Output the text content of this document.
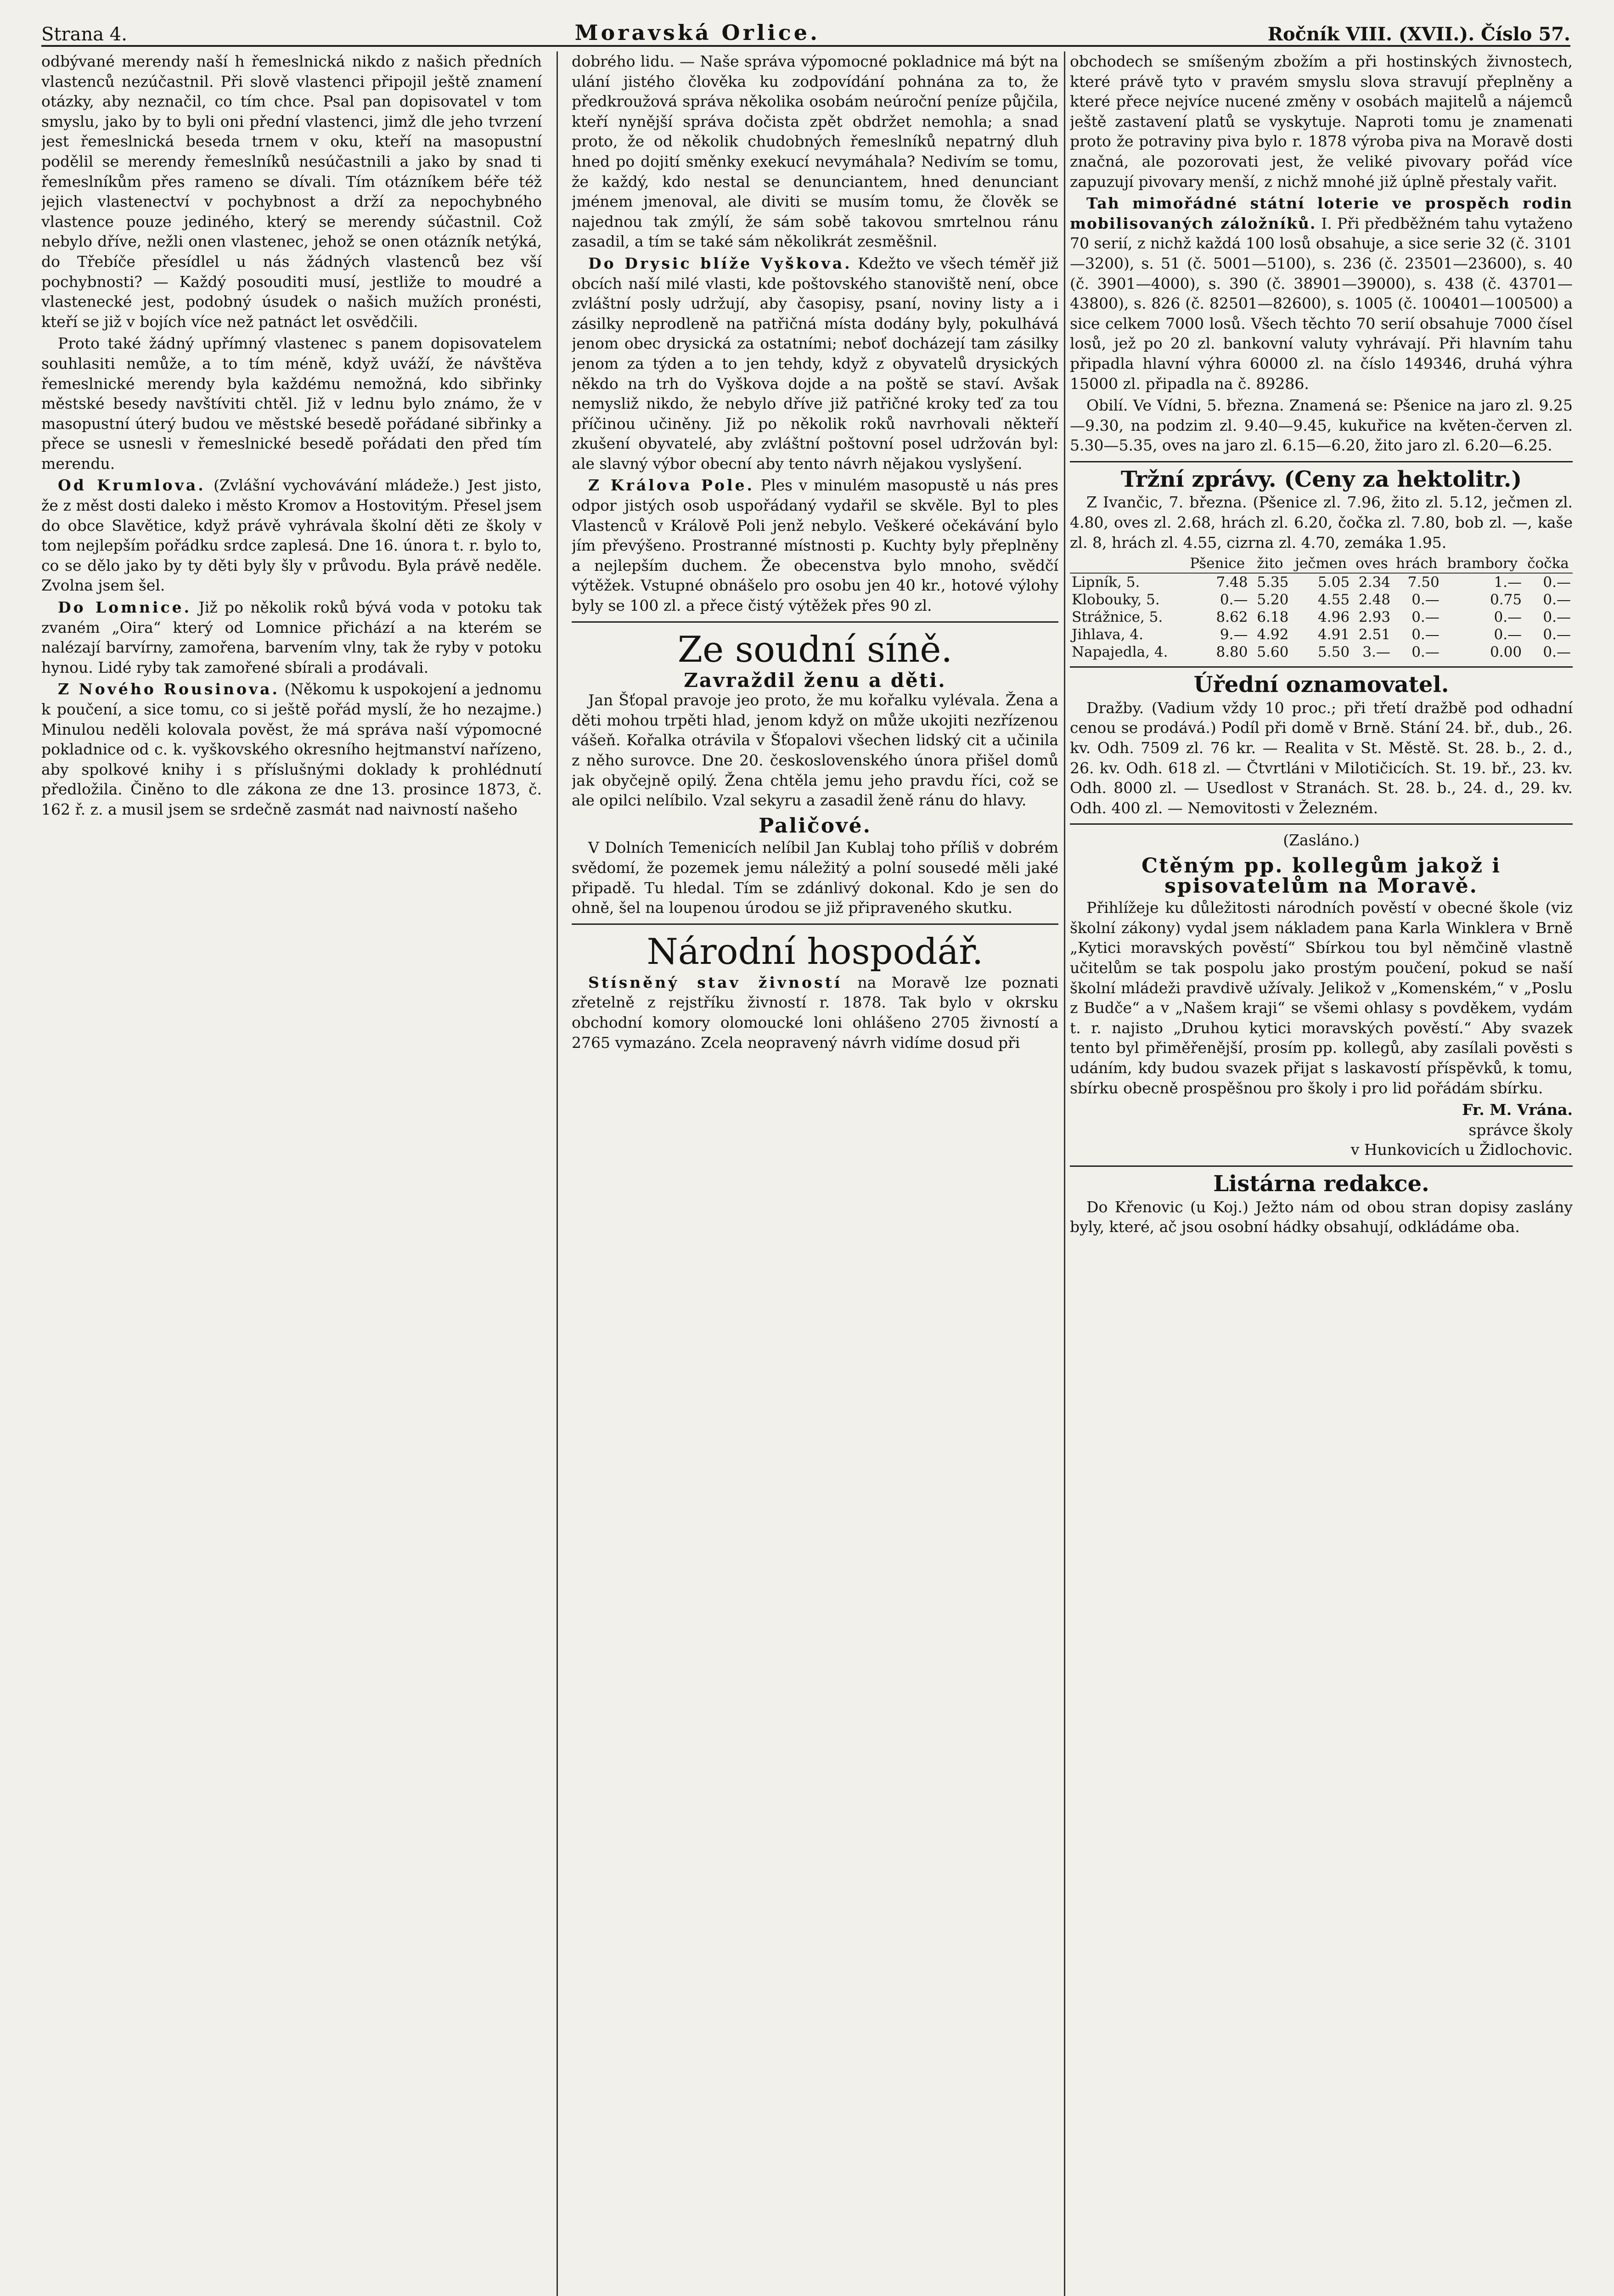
Strana 4.	Moravská Orlice.	Ročník VIII. (XVII.). Číslo 57.

odbývané merendy naší h řemeslnická nikdo z našich předních vlastenců nezúčastnil. Při slově vlastenci připojil ještě znamení otázky, aby neznačil, co tím chce. Psal pan dopisovatel v tom smyslu, jako by to byli oni přední vlastenci, jimž dle jeho tvrzení jest řemeslnická beseda trnem v oku, kteří na masopustní podělil se merendy řemeslníků nesúčastnili a jako by snad ti řemeslníkům přes rameno se dívali. Tím otázníkem béře též jejich vlastenectví v pochybnost a drží za nepochybného vlastence pouze jediného, který se merendy súčastnil. Což nebylo dříve, nežli onen vlastenec, jehož se onen otázník netýká, do Třebíče přesídlel u nás žádných vlastenců bez vší pochybnosti? — Každý posouditi musí, jestliže to moudré a vlastenecké jest, podobný úsudek o našich mužích pronésti, kteří se již v bojích více než patnáct let osvědčili.

Proto také žádný upřímný vlastenec s panem dopisovatelem souhlasiti nemůže, a to tím méně, když uváží, že návštěva řemeslnické merendy byla každému nemožná, kdo sibřinky městské besedy navštíviti chtěl. Již v lednu bylo známo, že v masopustní úterý budou ve městské besedě pořádané sibřinky a přece se usnesli v řemeslnické besedě pořádati den před tím merendu.

Od Krumlova. (Zvlášní vychovávání mládeže.) Jest jisto, že z měst dosti daleko i město Kromov a Hostovitým. Přesel jsem do obce Slavětice, když právě vyhrávala školní děti ze školy v tom nejlepším pořádku srdce zaplesá. Dne 16. února t. r. bylo to, co se dělo jako by ty děti byly šly v průvodu. Byla právě neděle. Zvolna jsem šel.

Do Lomnice. Již po několik roků bývá voda v potoku tak zvaném „Oira“ který od Lomnice přichází a na kterém se nalézají barvírny, zamořena, barvením vlny, tak že ryby v potoku hynou. Lidé ryby tak zamořené sbírali a prodávali.

Z Nového Rousinova. (Někomu k uspokojení a jednomu k poučení, a sice tomu, co si ještě pořád myslí, že ho nezajme.) Minulou neděli kolovala pověst, že má správa naší výpomocné pokladnice od c. k. vyškovského okresního hejtmanství nařízeno, aby spolkové knihy i s příslušnými doklady k prohlédnutí předložila. Činěno to dle zákona ze dne 13. prosince 1873, č. 162 ř. z. a musil jsem se srdečně zasmát nad naivností našeho

dobrého lidu. — Naše správa výpomocné pokladnice má být na ulání jistého člověka ku zodpovídání pohnána za to, že předkroužová správa několika osobám neúroční peníze půjčila, kteří nynější správa dočista zpět obdržet nemohla; a snad proto, že od několik chudobných řemeslníků nepatrný dluh hned po dojití směnky exekucí nevymáhala? Nedivím se tomu, že každý, kdo nestal se denunciantem, hned denunciant jménem jmenoval, ale diviti se musím tomu, že člověk se najednou tak zmýlí, že sám sobě takovou smrtelnou ránu zasadil, a tím se také sám několikrát zesměšnil.

Do Drysic blíže Vyškova. Kdežto ve všech téměř již obcích naší milé vlasti, kde poštovského stanoviště není, obce zvláštní posly udržují, aby časopisy, psaní, noviny listy a i zásilky neprodleně na patřičná místa dodány byly, pokulhává jenom obec drysická za ostatními; neboť docházejí tam zásilky jenom za týden a to jen tehdy, když z obyvatelů drysických někdo na trh do Vyškova dojde a na poště se staví. Avšak nemysliž nikdo, že nebylo dříve již patřičné kroky teď za tou příčinou učiněny. Již po několik roků navrhovali někteří zkušení obyvatelé, aby zvláštní poštovní posel udržován byl: ale slavný výbor obecní aby tento návrh nějakou vyslyšení.

Z Králova Pole. Ples v minulém masopustě u nás pres odpor jistých osob uspořádaný vydařil se skvěle. Byl to ples Vlastenců v Králově Poli jenž nebylo. Veškeré očekávání bylo jím převýšeno. Prostranné místnosti p. Kuchty byly přeplněny a nejlepším duchem. Že obecenstva bylo mnoho, svědčí výtěžek. Vstupné obnášelo pro osobu jen 40 kr., hotové výlohy byly se 100 zl. a přece čistý výtěžek přes 90 zl.

Ze soudní síně.
Zavraždil ženu a děti.

Jan Šťopal pravoje jeo proto, že mu kořalku vylévala. Žena a děti mohou trpěti hlad, jenom když on může ukojiti nezřízenou vášeň. Kořalka otrávila v Šťopalovi všechen lidský cit a učinila z něho surovce. Dne 20. československého února přišel domů jak obyčejně opilý. Žena chtěla jemu jeho pravdu říci, což se ale opilci nelíbilo. Vzal sekyru a zasadil ženě ránu do hlavy.

Paličové.

V Dolních Temenicích nelíbil Jan Kublaj toho příliš v dobrém svědomí, že pozemek jemu náležitý a polní sousedé měli jaké připadě. Tu hledal. Tím se zdánlivý dokonal. Kdo je sen do ohně, šel na loupenou úrodou se již připraveného skutku.

Národní hospodář.

Stísněný stav živností na Moravě lze poznati zřetelně z rejstříku živností r. 1878. Tak bylo v okrsku obchodní komory olomoucké loni ohlášeno 2705 živností a 2765 vymazáno. Zcela neopravený návrh vidíme dosud při

obchodech se smíšeným zbožím a při hostinských živnostech, které právě tyto v pravém smyslu slova stravují přeplněny a které přece nejvíce nucené změny v osobách majitelů a nájemců ještě zastavení platů se vyskytuje. Naproti tomu je znamenati proto že potraviny piva bylo r. 1878 výroba piva na Moravě dosti značná, ale pozorovati jest, že veliké pivovary pořád více zapuzují pivovary menší, z nichž mnohé již úplně přestaly vařit.

Tah mimořádné státní loterie ve prospěch rodin mobilisovaných záložníků. I. Při předběžném tahu vytaženo 70 serií, z nichž každá 100 losů obsahuje, a sice serie 32 (č. 3101—3200), s. 51 (č. 5001—5100), s. 236 (č. 23501—23600), s. 40 (č. 3901—4000), s. 390 (č. 38901—39000), s. 438 (č. 43701—43800), s. 826 (č. 82501—82600), s. 1005 (č. 100401—100500) a sice celkem 7000 losů. Všech těchto 70 serií obsahuje 7000 čísel losů, jež po 20 zl. bankovní valuty vyhrávají. Při hlavním tahu připadla hlavní výhra 60000 zl. na číslo 149346, druhá výhra 15000 zl. připadla na č. 89286.

Obilí. Ve Vídni, 5. března. Znamená se: Pšenice na jaro zl. 9.25—9.30, na podzim zl. 9.40—9.45, kukuřice na květen-červen zl. 5.30—5.35, oves na jaro zl. 6.15—6.20, žito jaro zl. 6.20—6.25.

Tržní zprávy. (Ceny za hektolitr.)

Z Ivančic, 7. března. (Pšenice zl. 7.96, žito zl. 5.12, ječmen zl. 4.80, oves zl. 2.68, hrách zl. 6.20, čočka zl. 7.80, bob zl. —, kaše zl. 8, hrách zl. 4.55, cizrna zl. 4.70, zemáka 1.95.

	Pšenice	žito	ječmen	oves	hrách	brambory	čočka
Lipník, 5.	7.48	5.35	5.05	2.34	7.50	1.—	0.—
Klobouky, 5.	0.—	5.20	4.55	2.48	0.—	0.75	0.—
Strážnice, 5.	8.62	6.18	4.96	2.93	0.—	0.—	0.—
Jihlava, 4.	9.—	4.92	4.91	2.51	0.—	0.—	0.—
Napajedla, 4.	8.80	5.60	5.50	3.—	0.—	0.00	0.—
Úřední oznamovatel.

Dražby. (Vadium vždy 10 proc.; při třetí dražbě pod odhadní cenou se prodává.) Podíl při domě v Brně. Stání 24. bř., dub., 26. kv. Odh. 7509 zl. 76 kr. — Realita v St. Městě. St. 28. b., 2. d., 26. kv. Odh. 618 zl. — Čtvrtláni v Milotičicích. St. 19. bř., 23. kv. Odh. 8000 zl. — Usedlost v Stranách. St. 28. b., 24. d., 29. kv. Odh. 400 zl. — Nemovitosti v Železném.

(Zasláno.)
Ctěným pp. kollegům jakož i spisovatelům na Moravě.

Přihlížeje ku důležitosti národních pověstí v obecné škole (viz školní zákony) vydal jsem nákladem pana Karla Winklera v Brně „Kytici moravských pověstí“ Sbírkou tou byl němčině vlastně učitelům se tak pospolu jako prostým poučení, pokud se naší školní mládeži pravdivě užívaly. Jelikož v „Komenském,“ v „Poslu z Budče“ a v „Našem kraji“ se všemi ohlasy s povděkem, vydám t. r. najisto „Druhou kytici moravských pověstí.“ Aby svazek tento byl přiměřenější, prosím pp. kollegů, aby zasílali pověsti s udáním, kdy budou svazek přijat s laskavostí příspěvků, k tomu, sbírku obecně prospěšnou pro školy i pro lid pořádám sbírku.

Fr. M. Vrána.
správce školy
v Hunkovicích u Židlochovic.
Listárna redakce.

Do Křenovic (u Koj.) Ježto nám od obou stran dopisy zaslány byly, které, ač jsou osobní hádky obsahují, odkládáme oba.
